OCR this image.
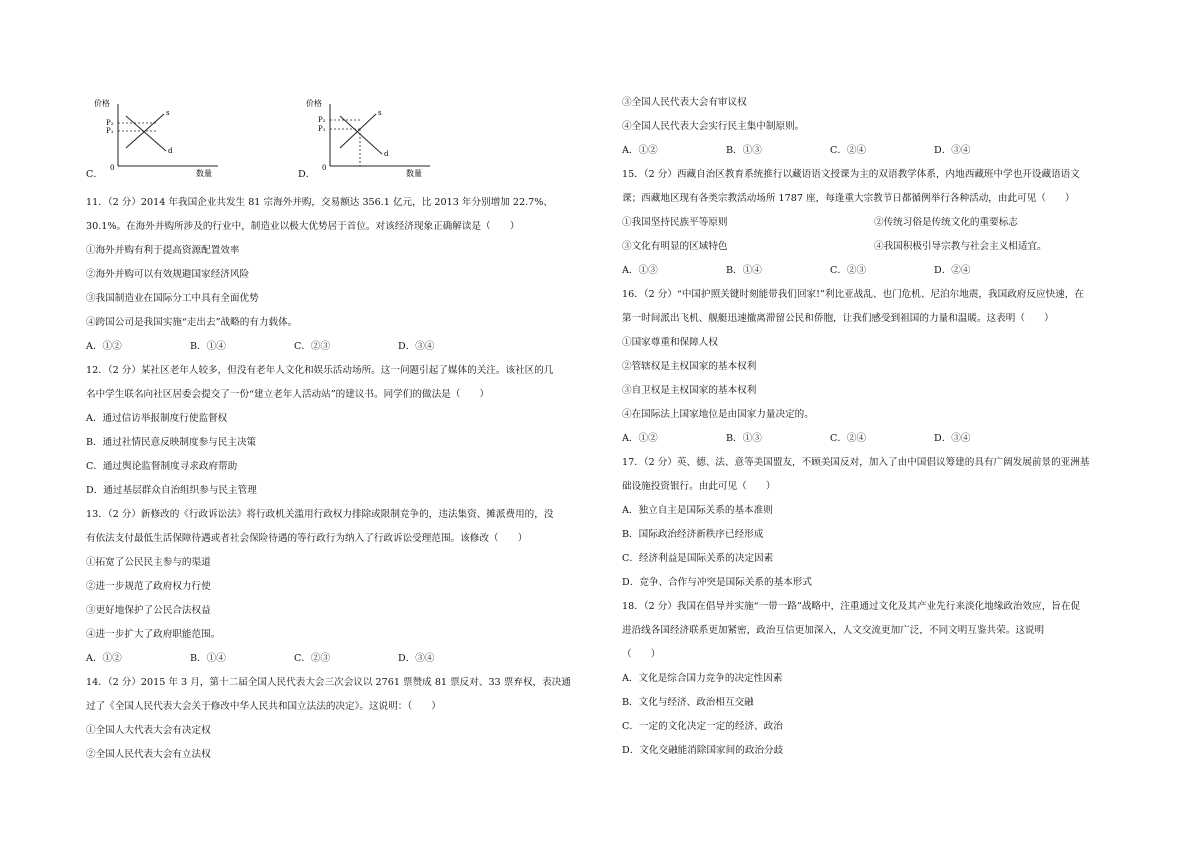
价格
P₂
P₁
s
d
0
数量
C．
价格
P₂
P₁
s
d
0
数量
D．
11．（2 分）2014 年我国企业共发生 81 宗海外并购，交易额达 356.1 亿元，比 2013 年分别增加 22.7%、
30.1%。在海外并购所涉及的行业中，制造业以极大优势居于首位。对该经济现象正确解读是（　　）
①海外并购有利于提高资源配置效率
②海外并购可以有效规避国家经济风险
③我国制造业在国际分工中具有全面优势
④跨国公司是我国实施“走出去”战略的有力载体。
A．①②	B．①④	C．②③	D．③④
12．（2 分）某社区老年人较多，但没有老年人文化和娱乐活动场所。这一问题引起了媒体的关注。该社区的几
名中学生联名向社区居委会提交了一份“建立老年人活动站”的建议书。同学们的做法是（　　）
A．通过信访举报制度行使监督权
B．通过社情民意反映制度参与民主决策
C．通过舆论监督制度寻求政府帮助
D．通过基层群众自治组织参与民主管理
13．（2 分）新修改的《行政诉讼法》将行政机关滥用行政权力排除或限制竞争的，违法集资、摊派费用的，没
有依法支付最低生活保障待遇或者社会保险待遇的等行政行为纳入了行政诉讼受理范围。该修改（　　）
①拓宽了公民民主参与的渠道
②进一步规范了政府权力行使
③更好地保护了公民合法权益
④进一步扩大了政府职能范围。
A．①②	B．①④	C．②③	D．③④
14．（2 分）2015 年 3 月，第十二届全国人民代表大会三次会议以 2761 票赞成 81 票反对、33 票弃权，表决通
过了《全国人民代表大会关于修改中华人民共和国立法法的决定》。这说明：（　　）
①全国人大代表大会有决定权
②全国人民代表大会有立法权
③全国人民代表大会有审议权
④全国人民代表大会实行民主集中制原则。
A．①②	B．①③	C．②④	D．③④
15．（2 分）西藏自治区教育系统推行以藏语语文授课为主的双语教学体系，内地西藏班中学也开设藏语语文
课；西藏地区现有各类宗教活动场所 1787 座，每逢重大宗教节日都循例举行各种活动，由此可见（　　）
①我国坚持民族平等原则	②传统习俗是传统文化的重要标志
③文化有明显的区域特色	④我国积极引导宗教与社会主义相适宜。
A．①③	B．①④	C．②③	D．②④
16．（2 分）“中国护照关键时刻能带我们回家!”利比亚战乱、也门危机、尼泊尔地震，我国政府反应快速，在
第一时间派出飞机、舰艇迅速撤离滞留公民和侨胞，让我们感受到祖国的力量和温暖。这表明（　　）
①国家尊重和保障人权
②管辖权是主权国家的基本权利
③自卫权是主权国家的基本权利
④在国际法上国家地位是由国家力量决定的。
A．①②	B．①③	C．②④	D．③④
17．（2 分）英、德、法、意等美国盟友，不顾美国反对，加入了由中国倡议筹建的具有广阔发展前景的亚洲基
础设施投资银行。由此可见（　　）
A．独立自主是国际关系的基本准则
B．国际政治经济新秩序已经形成
C．经济利益是国际关系的决定因素
D．竞争、合作与冲突是国际关系的基本形式
18．（2 分）我国在倡导并实施“一带一路”战略中，注重通过文化及其产业先行来淡化地缘政治效应，旨在促
进沿线各国经济联系更加紧密，政治互信更加深入，人文交流更加广泛，不同文明互鉴共荣。这说明
（　　）
A．文化是综合国力竞争的决定性因素
B．文化与经济、政治相互交融
C．一定的文化决定一定的经济、政治
D．文化交融能消除国家间的政治分歧
